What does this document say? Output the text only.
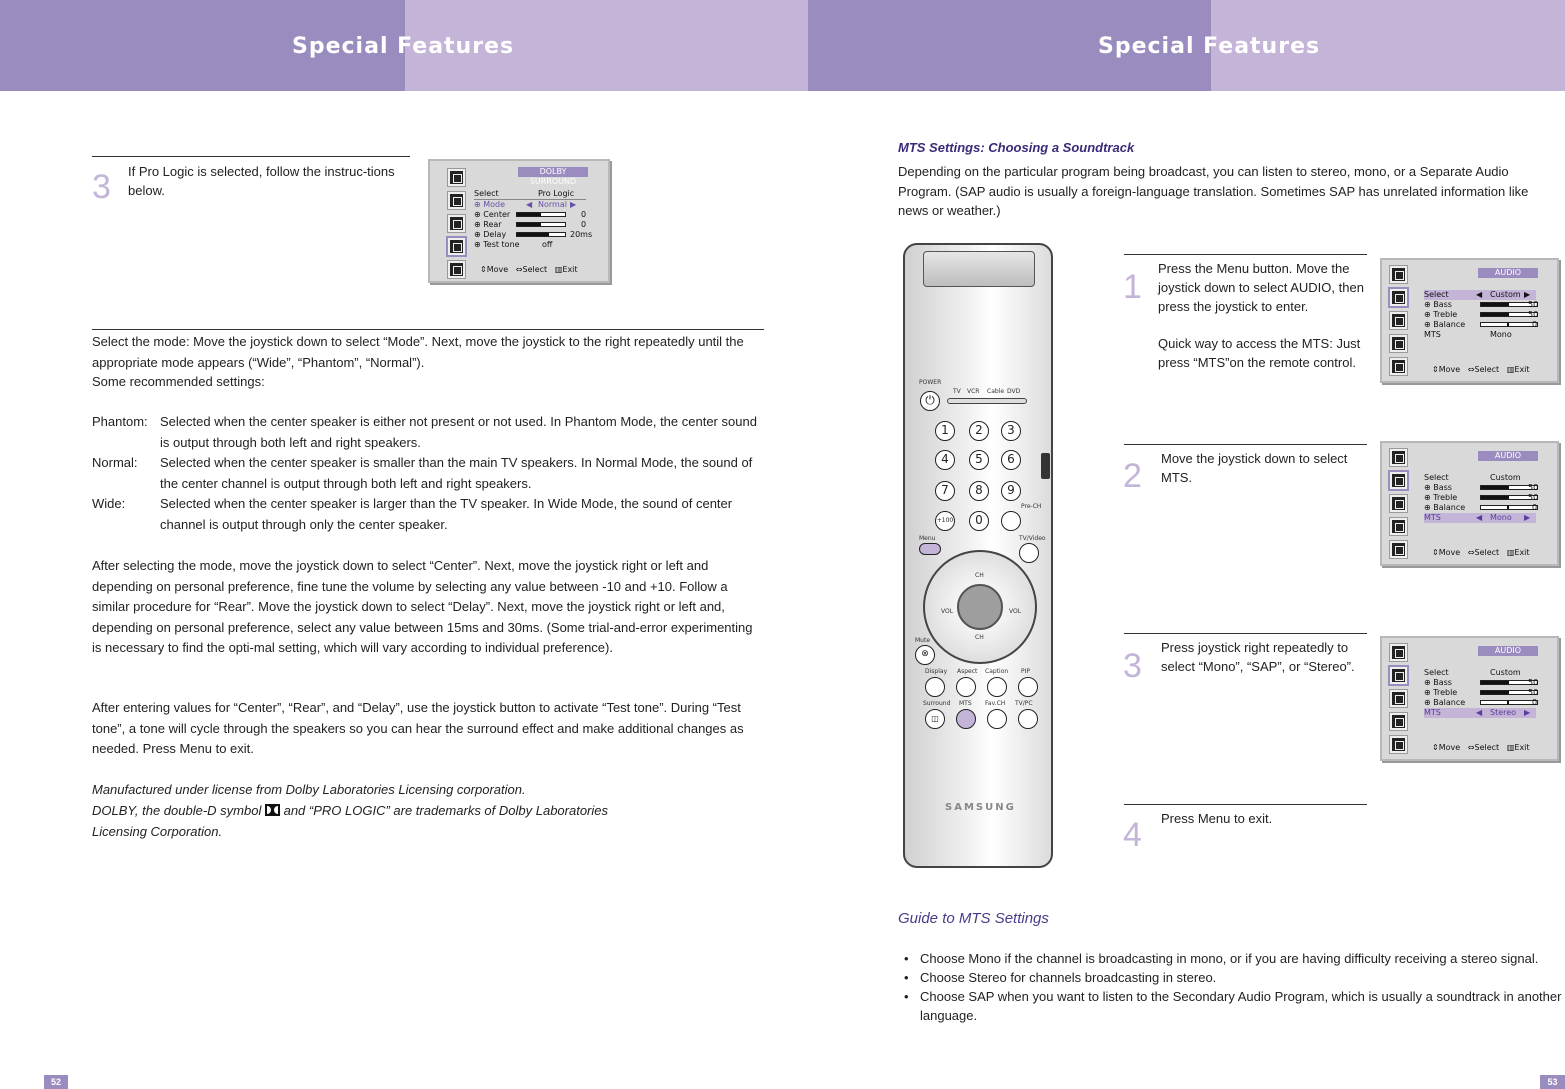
Special Features	Special Features
3 If Pro Logic is selected, follow the instruc-tions below.
DOLBY SURROUND
Select	Pro Logic
⊕ Mode	◀ Normal ▶
⊕ Center	0
⊕ Rear	0
⊕ Delay	20ms
⊕ Test tone	off
⇕Move ⇔Select ▥Exit
Select the mode: Move the joystick down to select “Mode”. Next, move the joystick to the right repeatedly until the appropriate mode appears (“Wide”, “Phantom”, “Normal”).
Some recommended settings:
Phantom: Selected when the center speaker is either not present or not used. In Phantom Mode, the center sound is output through both left and right speakers.
Normal:	Selected when the center speaker is smaller than the main TV speakers. In Normal Mode, the sound of the center channel is output through both left and right speakers.
Wide:	Selected when the center speaker is larger than the TV speaker. In Wide Mode, the sound of center channel is output through only the center speaker.
After selecting the mode, move the joystick down to select “Center”. Next, move the joystick right or left and depending on personal preference, fine tune the volume by selecting any value between -10 and +10. Follow a similar procedure for “Rear”. Move the joystick down to select “Delay”. Next, move the joystick right or left and, depending on personal preference, select any value between 15ms and 30ms. (Some trial-and-error experimenting is necessary to find the opti-mal setting, which will vary according to individual preference).
After entering values for “Center”, “Rear”, and “Delay”, use the joystick button to activate “Test tone”. During “Test tone”, a tone will cycle through the speakers so you can hear the surround effect and make additional changes as needed. Press Menu to exit.
Manufactured under license from Dolby Laboratories Licensing corporation.
DOLBY, the double-D symbol and “PRO LOGIC” are trademarks of Dolby Laboratories
Licensing Corporation.
52
MTS Settings: Choosing a Soundtrack
Depending on the particular program being broadcast, you can listen to stereo, mono, or a Separate Audio Program. (SAP audio is usually a foreign-language translation. Sometimes SAP has unrelated information like news or weather.)
POWER
⏻
TV VCR Cable DVD
1	2	3
4	5	6
7	8	9
+100	0
Pre-CH
Menu	TV/Video
CH
CH
VOL	VOL
Mute
⊗
Display Aspect Caption PIP
Surround MTS Fav.CH TV/PC
◫
SAMSUNG
1 Press the Menu button. Move the joystick down to select AUDIO, then press the joystick to enter.
Quick way to access the MTS: Just press “MTS”on the remote control.
2 Move the joystick down to select MTS.
3 Press joystick right repeatedly to select “Mono”, “SAP”, or “Stereo”.
4 Press Menu to exit.
AUDIO
Select	◀ Custom ▶
⊕ Bass	50
⊕ Treble	50
⊕ Balance	0
MTS	Mono
⇕Move ⇔Select ▥Exit
AUDIO
Select	Custom
⊕ Bass	50
⊕ Treble	50
⊕ Balance	0
MTS	◀ Mono ▶
⇕Move ⇔Select ▥Exit
AUDIO
Select	Custom
⊕ Bass	50
⊕ Treble	50
⊕ Balance	0
MTS	◀ Stereo ▶
⇕Move ⇔Select ▥Exit
Guide to MTS Settings
• Choose Mono if the channel is broadcasting in mono, or if you are having difficulty receiving a stereo signal.
• Choose Stereo for channels broadcasting in stereo.
• Choose SAP when you want to listen to the Secondary Audio Program, which is usually a soundtrack in another language.
53
